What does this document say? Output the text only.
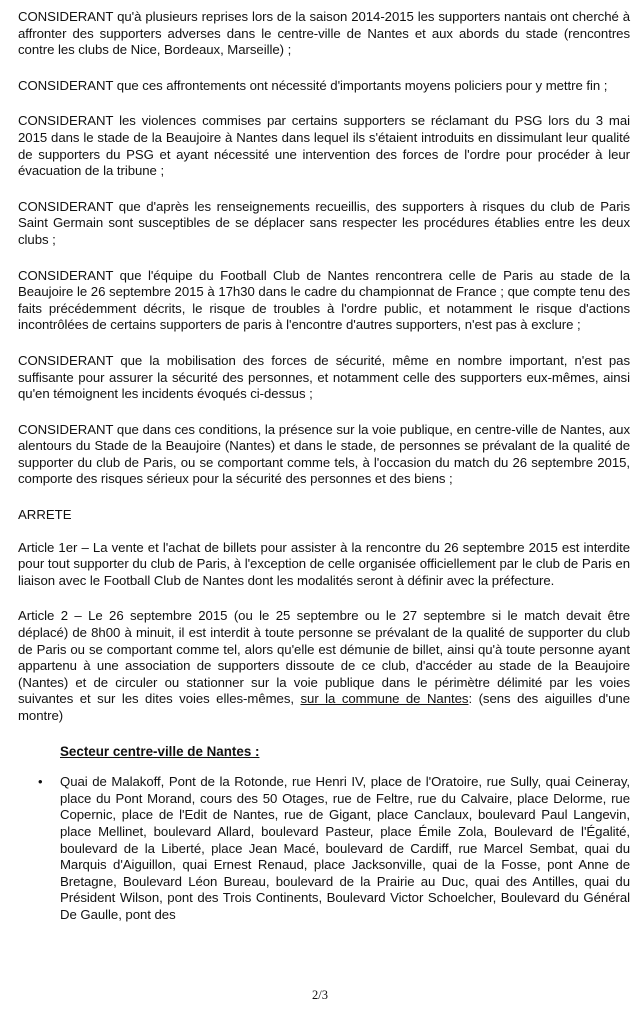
CONSIDERANT qu'à plusieurs reprises lors de la saison 2014-2015 les supporters nantais ont cherché à affronter des supporters adverses dans le centre-ville de Nantes et aux abords du stade (rencontres contre les clubs de Nice, Bordeaux, Marseille) ;

CONSIDERANT que ces affrontements ont nécessité d'importants moyens policiers pour y mettre fin ;

CONSIDERANT les violences commises par certains supporters se réclamant du PSG lors du 3 mai 2015 dans le stade de la Beaujoire à Nantes dans lequel ils s'étaient introduits en dissimulant leur qualité de supporters du PSG et ayant nécessité une intervention des forces de l'ordre pour procéder à leur évacuation de la tribune ;

CONSIDERANT que d'après les renseignements recueillis, des supporters à risques du club de Paris Saint Germain sont susceptibles de se déplacer sans respecter les procédures établies entre les deux clubs ;

CONSIDERANT que l'équipe du Football Club de Nantes rencontrera celle de Paris au stade de la Beaujoire le 26 septembre 2015 à 17h30 dans le cadre du championnat de France ; que compte tenu des faits précédemment décrits, le risque de troubles à l'ordre public, et notamment le risque d'actions incontrôlées de certains supporters de paris à l'encontre d'autres supporters, n'est pas à exclure ;

CONSIDERANT que la mobilisation des forces de sécurité, même en nombre important, n'est pas suffisante pour assurer la sécurité des personnes, et notamment celle des supporters eux-mêmes, ainsi qu'en témoignent les incidents évoqués ci-dessus ;

CONSIDERANT que dans ces conditions, la présence sur la voie publique, en centre-ville de Nantes, aux alentours du Stade de la Beaujoire (Nantes) et dans le stade, de personnes se prévalant de la qualité de supporter du club de Paris, ou se comportant comme tels, à l'occasion du match du 26 septembre 2015, comporte des risques sérieux pour la sécurité des personnes et des biens ;

ARRETE

Article 1er – La vente et l'achat de billets pour assister à la rencontre du 26 septembre 2015 est interdite pour tout supporter du club de Paris, à l'exception de celle organisée officiellement par le club de Paris en liaison avec le Football Club de Nantes dont les modalités seront à définir avec la préfecture.

Article 2 – Le 26 septembre 2015 (ou le 25 septembre ou le 27 septembre si le match devait être déplacé) de 8h00 à minuit, il est interdit à toute personne se prévalant de la qualité de supporter du club de Paris ou se comportant comme tel, alors qu'elle est démunie de billet, ainsi qu'à toute personne ayant appartenu à une association de supporters dissoute de ce club, d'accéder au stade de la Beaujoire (Nantes) et de circuler ou stationner sur la voie publique dans le périmètre délimité par les voies suivantes et sur les dites voies elles-mêmes, sur la commune de Nantes: (sens des aiguilles d'une montre)

Secteur centre-ville de Nantes :
•	Quai de Malakoff, Pont de la Rotonde, rue Henri IV, place de l'Oratoire, rue Sully, quai Ceineray, place du Pont Morand, cours des 50 Otages, rue de Feltre, rue du Calvaire, place Delorme, rue Copernic, place de l'Edit de Nantes, rue de Gigant, place Canclaux, boulevard Paul Langevin, place Mellinet, boulevard Allard, boulevard Pasteur, place Émile Zola, Boulevard de l'Égalité, boulevard de la Liberté, place Jean Macé, boulevard de Cardiff, rue Marcel Sembat, quai du Marquis d'Aiguillon, quai Ernest Renaud, place Jacksonville, quai de la Fosse, pont Anne de Bretagne, Boulevard Léon Bureau, boulevard de la Prairie au Duc, quai des Antilles, quai du Président Wilson, pont des Trois Continents, Boulevard Victor Schoelcher, Boulevard du Général De Gaulle, pont des
2/3
